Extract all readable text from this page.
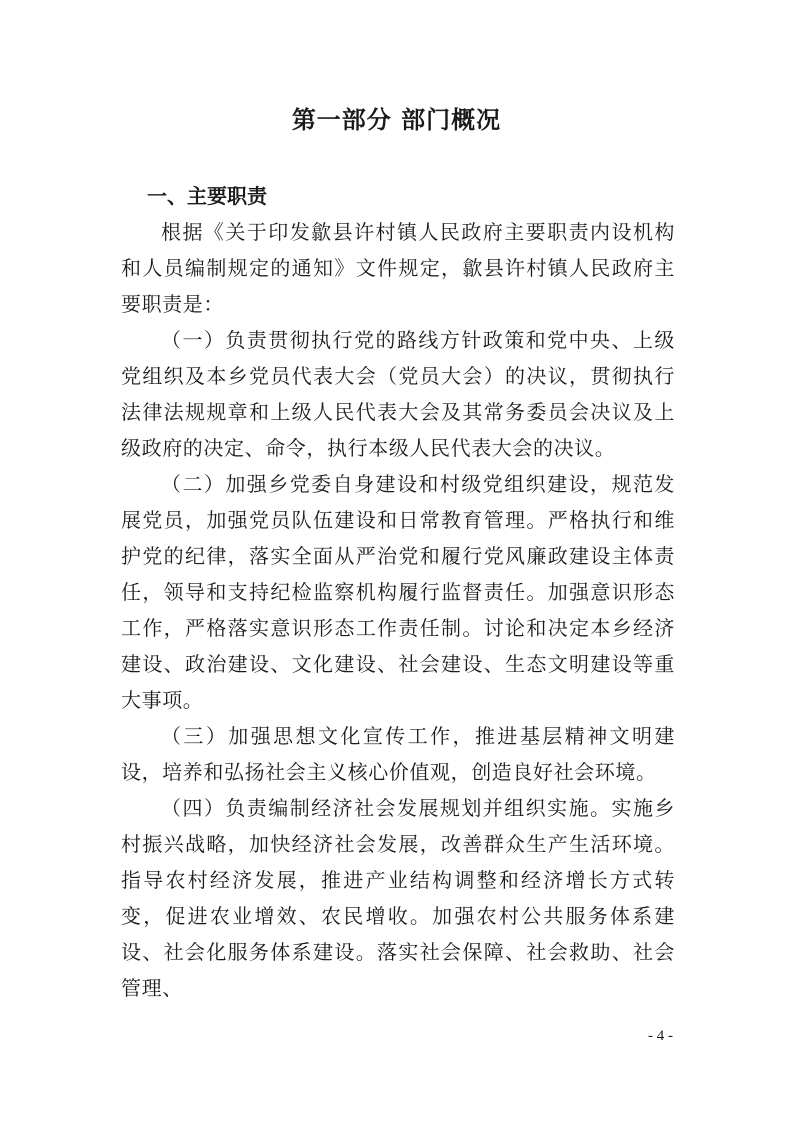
第一部分 部门概况
一、主要职责

根据《关于印发歙县许村镇人民政府主要职责内设机构和人员编制规定的通知》文件规定，歙县许村镇人民政府主要职责是：

（一）负责贯彻执行党的路线方针政策和党中央、上级党组织及本乡党员代表大会（党员大会）的决议，贯彻执行法律法规规章和上级人民代表大会及其常务委员会决议及上级政府的决定、命令，执行本级人民代表大会的决议。

（二）加强乡党委自身建设和村级党组织建设，规范发展党员，加强党员队伍建设和日常教育管理。严格执行和维护党的纪律，落实全面从严治党和履行党风廉政建设主体责任，领导和支持纪检监察机构履行监督责任。加强意识形态工作，严格落实意识形态工作责任制。讨论和决定本乡经济建设、政治建设、文化建设、社会建设、生态文明建设等重大事项。

（三）加强思想文化宣传工作，推进基层精神文明建设，培养和弘扬社会主义核心价值观，创造良好社会环境。

（四）负责编制经济社会发展规划并组织实施。实施乡村振兴战略，加快经济社会发展，改善群众生产生活环境。指导农村经济发展，推进产业结构调整和经济增长方式转变，促进农业增效、农民增收。加强农村公共服务体系建设、社会化服务体系建设。落实社会保障、社会救助、社会管理、

- 4 -
